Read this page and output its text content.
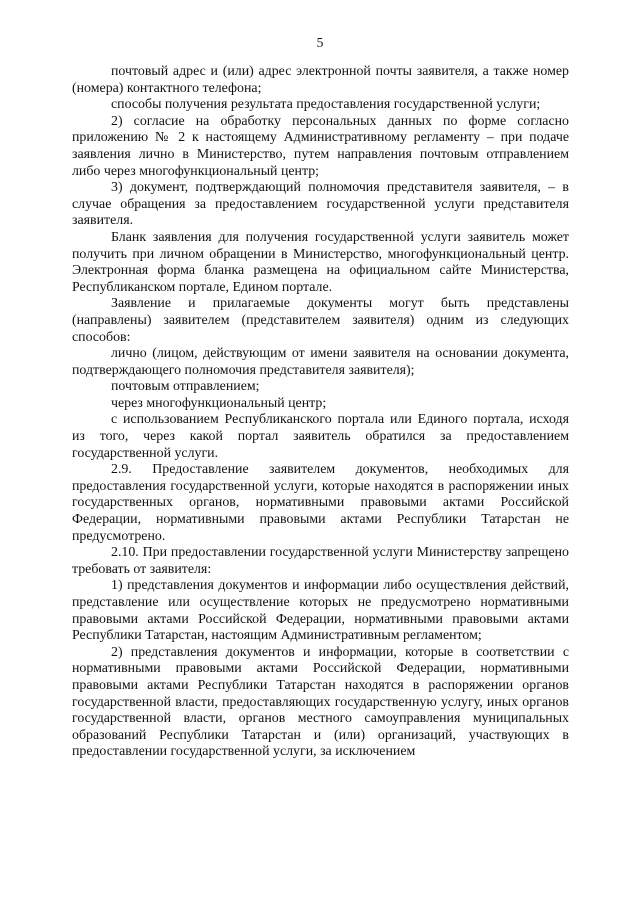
5

почтовый адрес и (или) адрес электронной почты заявителя, а также номер (номера) контактного телефона;

способы получения результата предоставления государственной услуги;

2) согласие на обработку персональных данных по форме согласно приложению № 2 к настоящему Административному регламенту – при подаче заявления лично в Министерство, путем направления почтовым отправлением либо через многофункциональный центр;

3) документ, подтверждающий полномочия представителя заявителя, – в случае обращения за предоставлением государственной услуги представителя заявителя.

Бланк заявления для получения государственной услуги заявитель может получить при личном обращении в Министерство, многофункциональный центр. Электронная форма бланка размещена на официальном сайте Министерства, Республиканском портале, Едином портале.

Заявление и прилагаемые документы могут быть представлены (направлены) заявителем (представителем заявителя) одним из следующих способов:

лично (лицом, действующим от имени заявителя на основании документа, подтверждающего полномочия представителя заявителя);

почтовым отправлением;

через многофункциональный центр;

с использованием Республиканского портала или Единого портала, исходя из того, через какой портал заявитель обратился за предоставлением государственной услуги.

2.9. Предоставление заявителем документов, необходимых для предоставления государственной услуги, которые находятся в распоряжении иных государственных органов, нормативными правовыми актами Российской Федерации, нормативными правовыми актами Республики Татарстан не предусмотрено.

2.10. При предоставлении государственной услуги Министерству запрещено требовать от заявителя:

1) представления документов и информации либо осуществления действий, представление или осуществление которых не предусмотрено нормативными правовыми актами Российской Федерации, нормативными правовыми актами Республики Татарстан, настоящим Административным регламентом;

2) представления документов и информации, которые в соответствии с нормативными правовыми актами Российской Федерации, нормативными правовыми актами Республики Татарстан находятся в распоряжении органов государственной власти, предоставляющих государственную услугу, иных органов государственной власти, органов местного самоуправления муниципальных образований Республики Татарстан и (или) организаций, участвующих в предоставлении государственной услуги, за исключением
